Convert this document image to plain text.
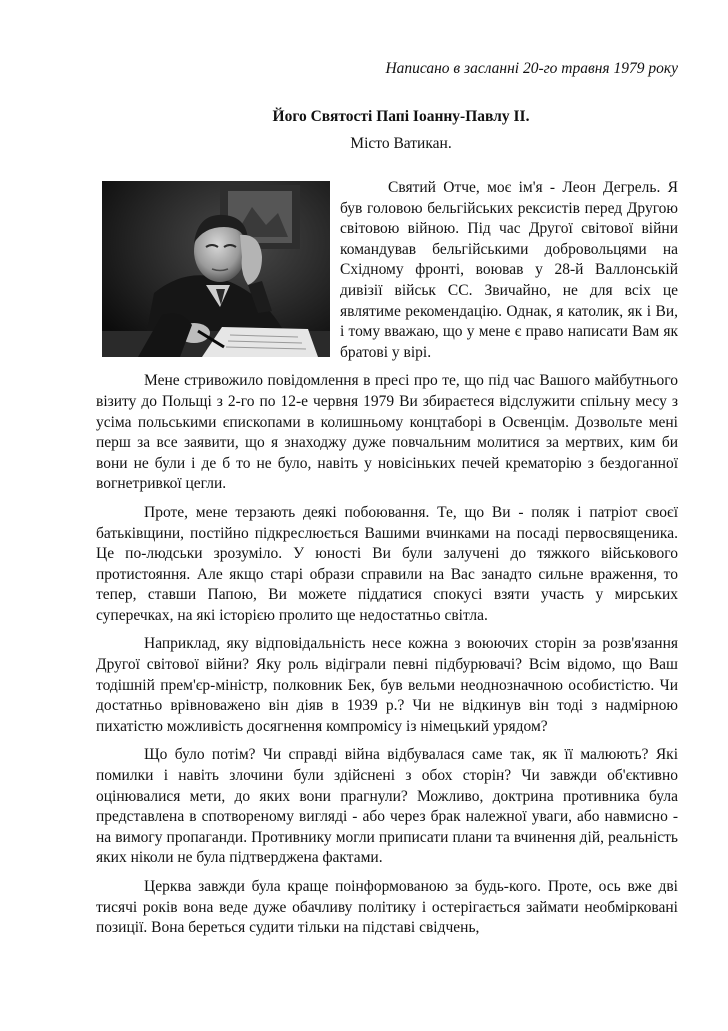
Написано в засланні 20-го травня 1979 року
Його Святості Папі Іоанну-Павлу II.
Місто Ватикан.

Святий Отче, моє ім'я - Леон Дегрель. Я був головою бельгійських рексистів перед Другою світовою війною. Під час Другої світової війни командував бельгійськими добровольцями на Східному фронті, воював у 28-й Валлонській дивізії військ СС. Звичайно, не для всіх це являтиме рекомендацію. Однак, я католик, як і Ви, і тому вважаю, що у мене є право написати Вам як братові у вірі.

Мене стривожило повідомлення в пресі про те, що під час Вашого майбутнього візиту до Польщі з 2-го по 12-е червня 1979 Ви збираєтеся відслужити спільну месу з усіма польськими єпископами в колишньому концтаборі в Освенцім. Дозвольте мені перш за все заявити, що я знаходжу дуже повчальним молитися за мертвих, ким би вони не були і де б то не було, навіть у новісіньких печей крематорію з бездоганної вогнетривкої цегли.

Проте, мене терзають деякі побоювання. Те, що Ви - поляк і патріот своєї батьківщини, постійно підкреслюється Вашими вчинками на посаді первосвященика. Це по-людськи зрозуміло. У юності Ви були залучені до тяжкого військового протистояння. Але якщо старі образи справили на Вас занадто сильне враження, то тепер, ставши Папою, Ви можете піддатися спокусі взяти участь у мирських суперечках, на які історією пролито ще недостатньо світла.

Наприклад, яку відповідальність несе кожна з воюючих сторін за розв'язання Другої світової війни? Яку роль відіграли певні підбурювачі? Всім відомо, що Ваш тодішній прем'єр-міністр, полковник Бек, був вельми неоднозначною особистістю. Чи достатньо врівноважено він діяв в 1939 р.? Чи не відкинув він тоді з надмірною пихатістю можливість досягнення компромісу із німецький урядом?

Що було потім? Чи справді війна відбувалася саме так, як її малюють? Які помилки і навіть злочини були здійснені з обох сторін? Чи завжди об'єктивно оцінювалися мети, до яких вони прагнули? Можливо, доктрина противника була представлена в спотвореному вигляді - або через брак належної уваги, або навмисно - на вимогу пропаганди. Противнику могли приписати плани та вчинення дій, реальність яких ніколи не була підтверджена фактами.

Церква завжди була краще поінформованою за будь-кого. Проте, ось вже дві тисячі років вона веде дуже обачливу політику і остерігається займати необмірковані позиції. Вона береться судити тільки на підставі свідчень,
